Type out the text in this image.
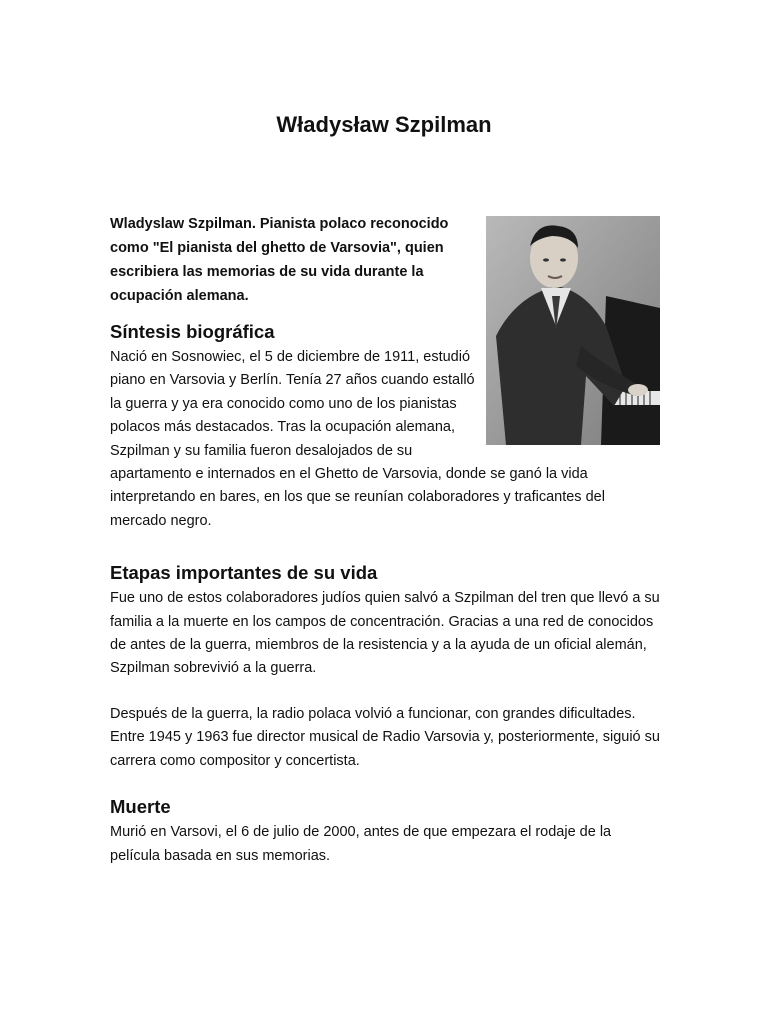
Władysław Szpilman

Wladyslaw Szpilman. Pianista polaco reconocido como "El pianista del ghetto de Varsovia", quien escribiera las memorias de su vida durante la ocupación alemana.

Síntesis biográfica

Nació en Sosnowiec, el 5 de diciembre de 1911, estudió piano en Varsovia y Berlín. Tenía 27 años cuando estalló la guerra y ya era conocido como uno de los pianistas polacos más destacados. Tras la ocupación alemana, Szpilman y su familia fueron desalojados de su apartamento e internados en el Ghetto de Varsovia, donde se ganó la vida interpretando en bares, en los que se reunían colaboradores y traficantes del mercado negro.

Etapas importantes de su vida

Fue uno de estos colaboradores judíos quien salvó a Szpilman del tren que llevó a su familia a la muerte en los campos de concentración. Gracias a una red de conocidos de antes de la guerra, miembros de la resistencia y a la ayuda de un oficial alemán, Szpilman sobrevivió a la guerra.

Después de la guerra, la radio polaca volvió a funcionar, con grandes dificultades. Entre 1945 y 1963 fue director musical de Radio Varsovia y, posteriormente, siguió su carrera como compositor y concertista.

Muerte

Murió en Varsovi, el 6 de julio de 2000, antes de que empezara el rodaje de la película basada en sus memorias.
